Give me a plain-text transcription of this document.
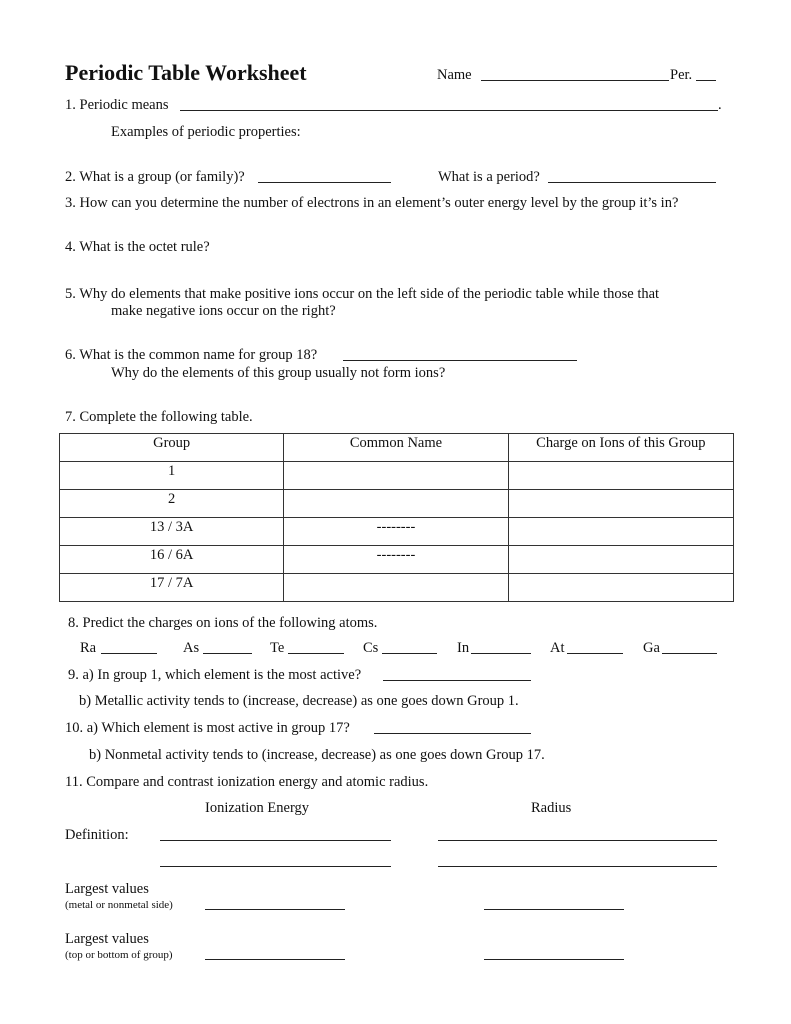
Periodic Table Worksheet	Name	Per.
1. Periodic means	.
Examples of periodic properties:
2. What is a group (or family)?	What is a period?
3. How can you determine the number of electrons in an element’s outer energy level by the group it’s in?
4. What is the octet rule?
5. Why do elements that make positive ions occur on the left side of the periodic table while those that
make negative ions occur on the right?
6. What is the common name for group 18?
Why do the elements of this group usually not form ions?
7. Complete the following table.
Group	Common Name	Charge on Ions of this Group
1		
2		
13 / 3A	--------	
16 / 6A	--------	
17 / 7A		
8. Predict the charges on ions of the following atoms.
Ra	As	Te	Cs	In	At	Ga
9. a) In group 1, which element is the most active?
b) Metallic activity tends to (increase, decrease) as one goes down Group 1.
10. a) Which element is most active in group 17?
b) Nonmetal activity tends to (increase, decrease) as one goes down Group 17.
11. Compare and contrast ionization energy and atomic radius.
Ionization Energy	Radius
Definition:
Largest values
(metal or nonmetal side)
Largest values
(top or bottom of group)
